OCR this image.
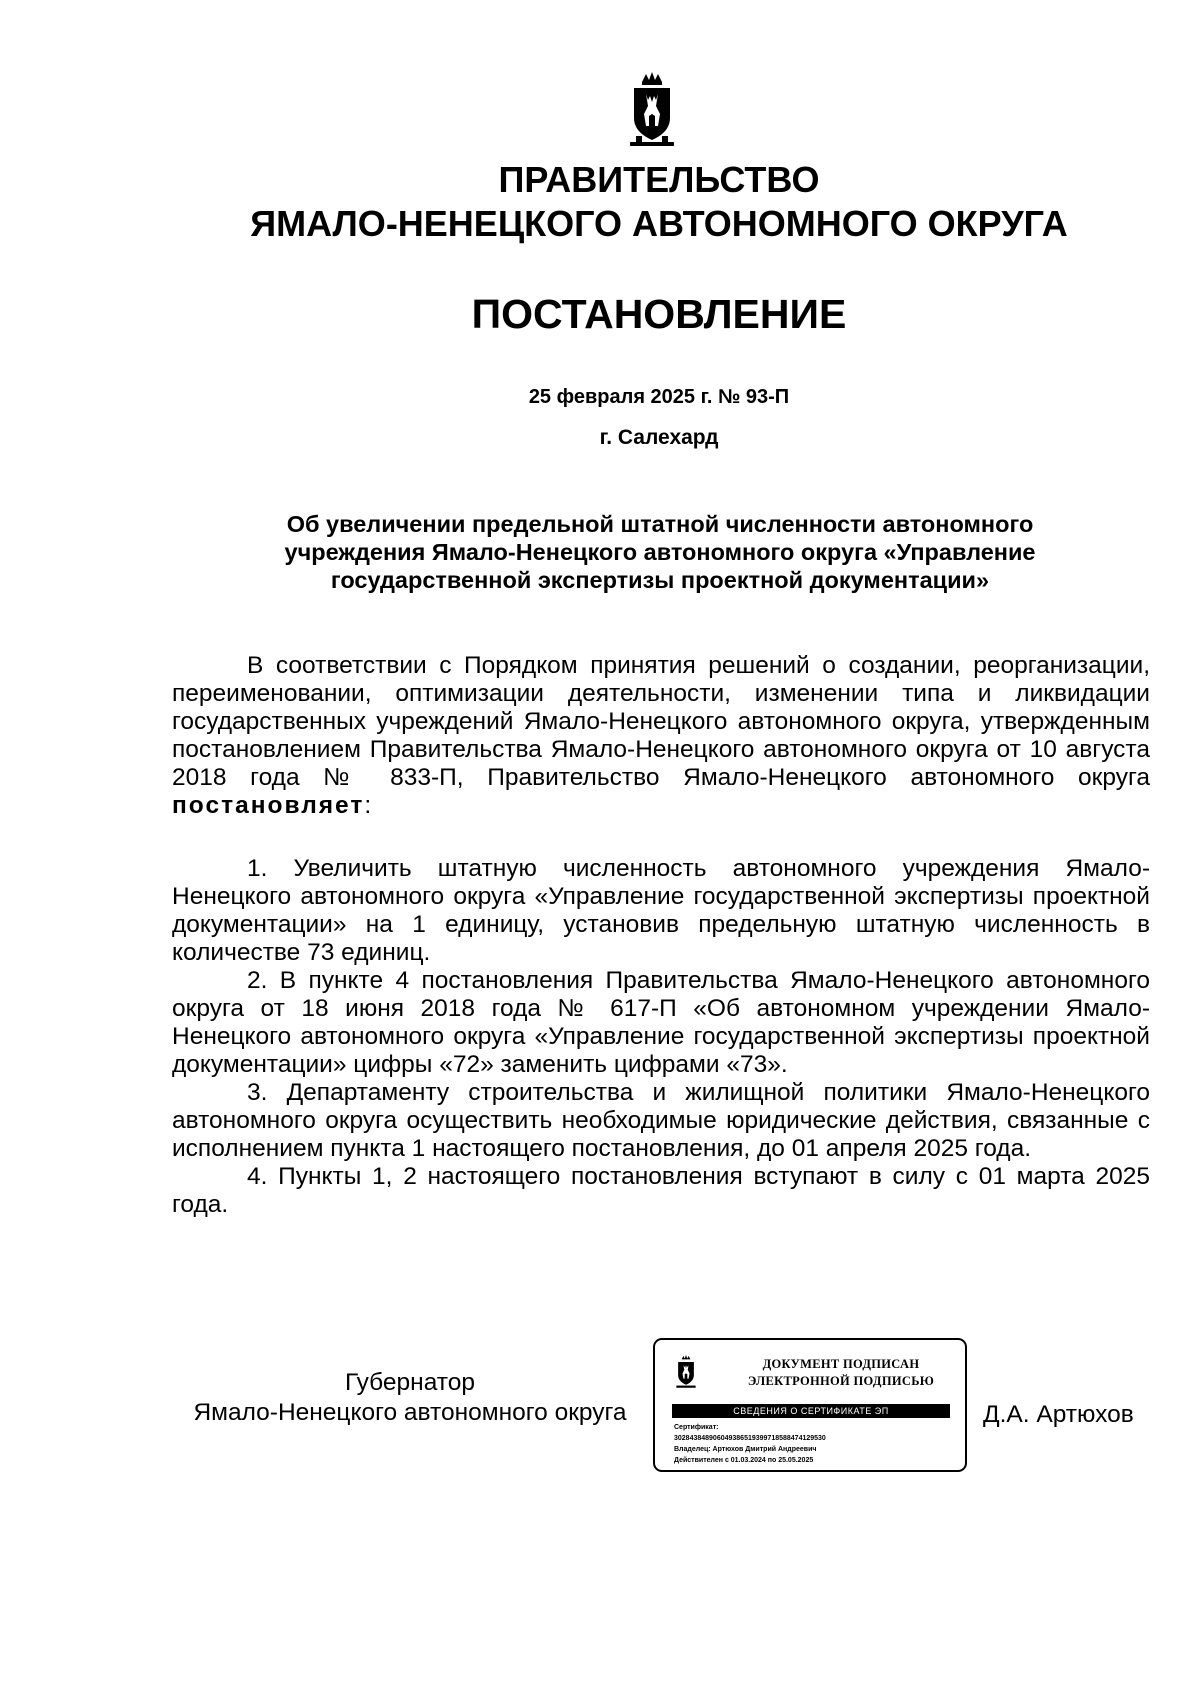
ПРАВИТЕЛЬСТВО
ЯМАЛО-НЕНЕЦКОГО АВТОНОМНОГО ОКРУГА
ПОСТАНОВЛЕНИЕ

25 февраля 2025 г. № 93-П

г. Салехард

Об увеличении предельной штатной численности автономного
учреждения Ямало-Ненецкого автономного округа «Управление
государственной экспертизы проектной документации»

В соответствии с Порядком принятия решений о создании, реорганизации, переименовании, оптимизации деятельности, изменении типа и ликвидации государственных учреждений Ямало-Ненецкого автономного округа, утвержденным постановлением Правительства Ямало-Ненецкого автономного округа от 10 августа 2018 года № 833-П, Правительство Ямало-Ненецкого автономного округа постановляет:

1. Увеличить штатную численность автономного учреждения Ямало-Ненецкого автономного округа «Управление государственной экспертизы проектной документации» на 1 единицу, установив предельную штатную численность в количестве 73 единиц.

2. В пункте 4 постановления Правительства Ямало-Ненецкого автономного округа от 18 июня 2018 года № 617-П «Об автономном учреждении Ямало-Ненецкого автономного округа «Управление государственной экспертизы проектной документации» цифры «72» заменить цифрами «73».

3. Департаменту строительства и жилищной политики Ямало-Ненецкого автономного округа осуществить необходимые юридические действия, связанные с исполнением пункта 1 настоящего постановления, до 01 апреля 2025 года.

4. Пункты 1, 2 настоящего постановления вступают в силу с 01 марта 2025 года.

Губернатор
Ямало-Ненецкого автономного округа
ДОКУМЕНТ ПОДПИСАН
ЭЛЕКТРОННОЙ ПОДПИСЬЮ
СВЕДЕНИЯ О СЕРТИФИКАТЕ ЭП
Сертификат:
302843848906049386519399718588474129530
Владелец: Артюхов Дмитрий Андреевич
Действителен с 01.03.2024 по 25.05.2025

Д.А. Артюхов
